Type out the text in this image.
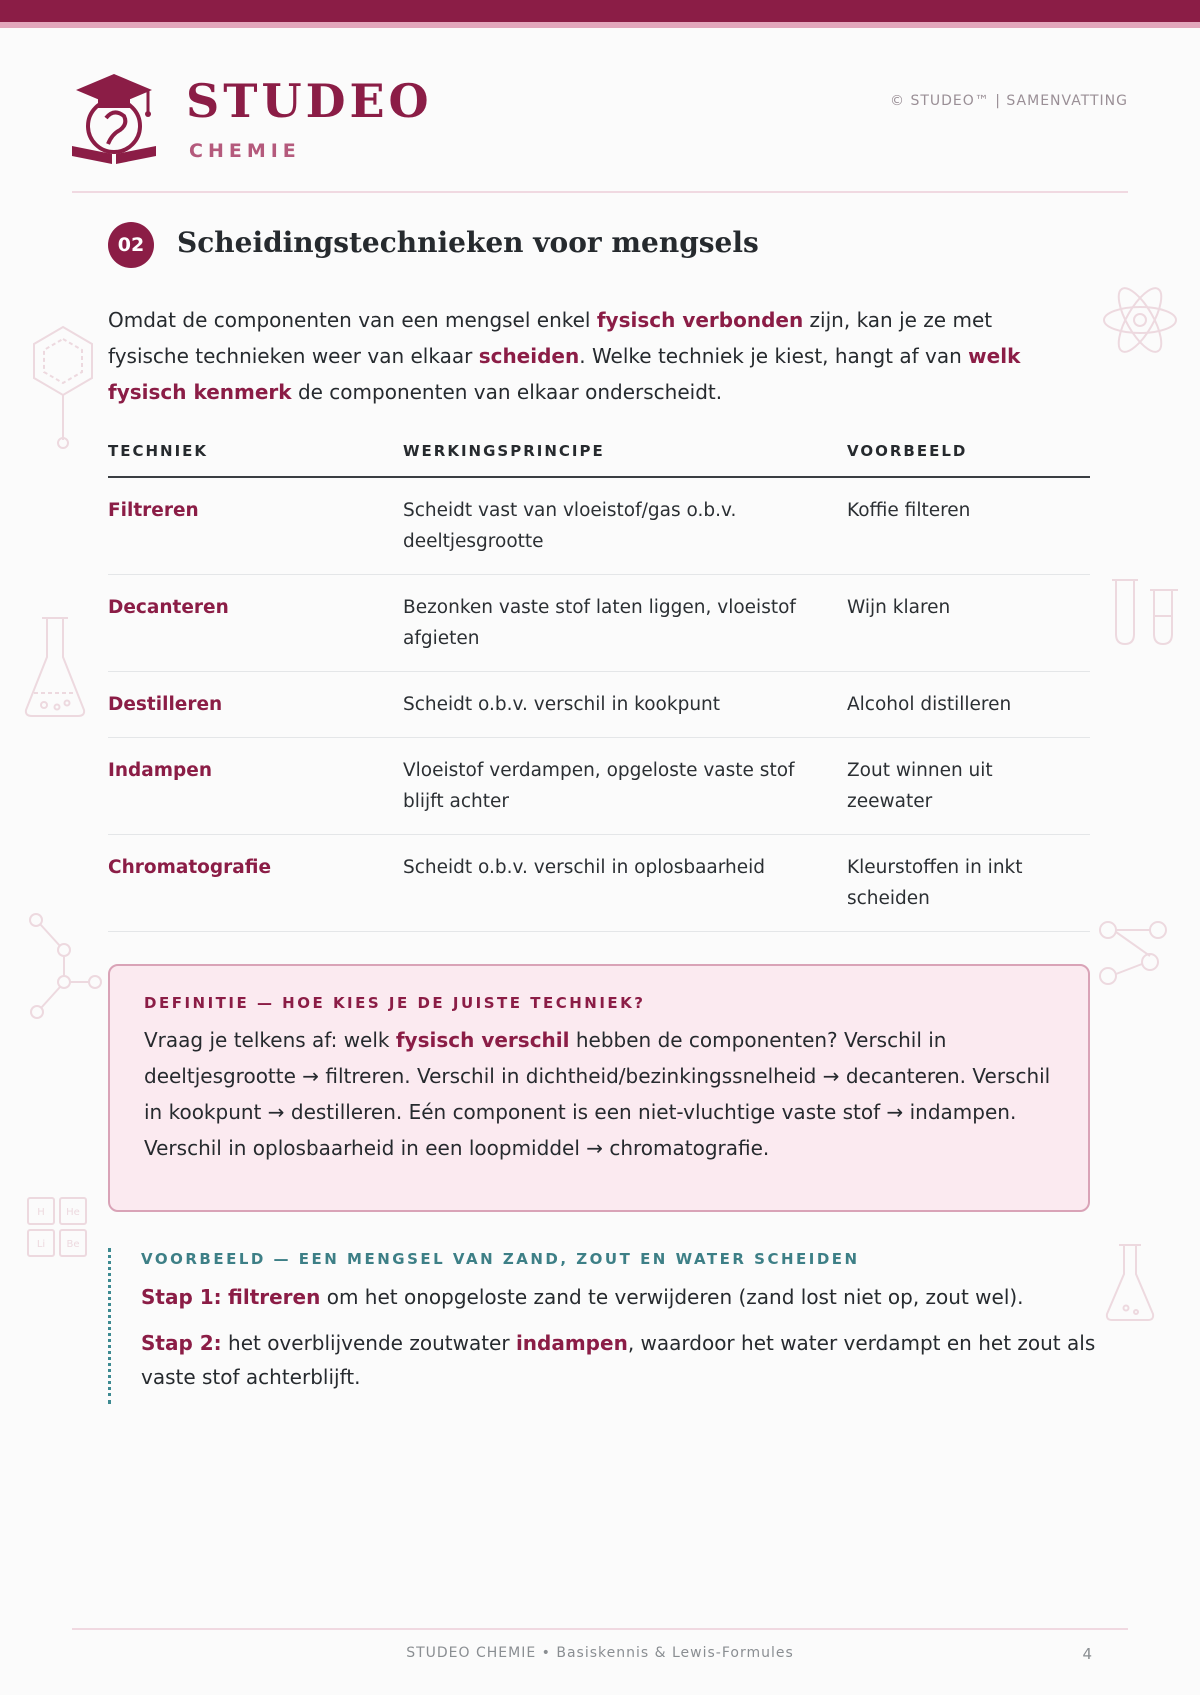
STUDEO
CHEMIE
© STUDEO™ | SAMENVATTING
02	Scheidingstechnieken voor mengsels

Omdat de componenten van een mengsel enkel fysisch verbonden zijn, kan je ze met fysische technieken weer van elkaar scheiden. Welke techniek je kiest, hangt af van welk fysisch kenmerk de componenten van elkaar onderscheidt.

TECHNIEK	WERKINGSPRINCIPE	VOORBEELD
Filtreren	Scheidt vast van vloeistof/gas o.b.v. deeltjesgrootte	Koffie filteren
Decanteren	Bezonken vaste stof laten liggen, vloeistof afgieten	Wijn klaren
Destilleren	Scheidt o.b.v. verschil in kookpunt	Alcohol distilleren
Indampen	Vloeistof verdampen, opgeloste vaste stof blijft achter	Zout winnen uit zeewater
Chromatografie	Scheidt o.b.v. verschil in oplosbaarheid	Kleurstoffen in inkt scheiden
DEFINITIE — HOE KIES JE DE JUISTE TECHNIEK?

Vraag je telkens af: welk fysisch verschil hebben de componenten? Verschil in deeltjesgrootte → filtreren. Verschil in dichtheid/bezinkingssnelheid → decanteren. Verschil in kookpunt → destilleren. Eén component is een niet-vluchtige vaste stof → indampen. Verschil in oplosbaarheid in een loopmiddel → chromatografie.

VOORBEELD — EEN MENGSEL VAN ZAND, ZOUT EN WATER SCHEIDEN

Stap 1: filtreren om het onopgeloste zand te verwijderen (zand lost niet op, zout wel).

Stap 2: het overblijvende zoutwater indampen, waardoor het water verdampt en het zout als vaste stof achterblijft.

H He
Li Be
STUDEO CHEMIE • Basiskennis & Lewis-Formules	4
